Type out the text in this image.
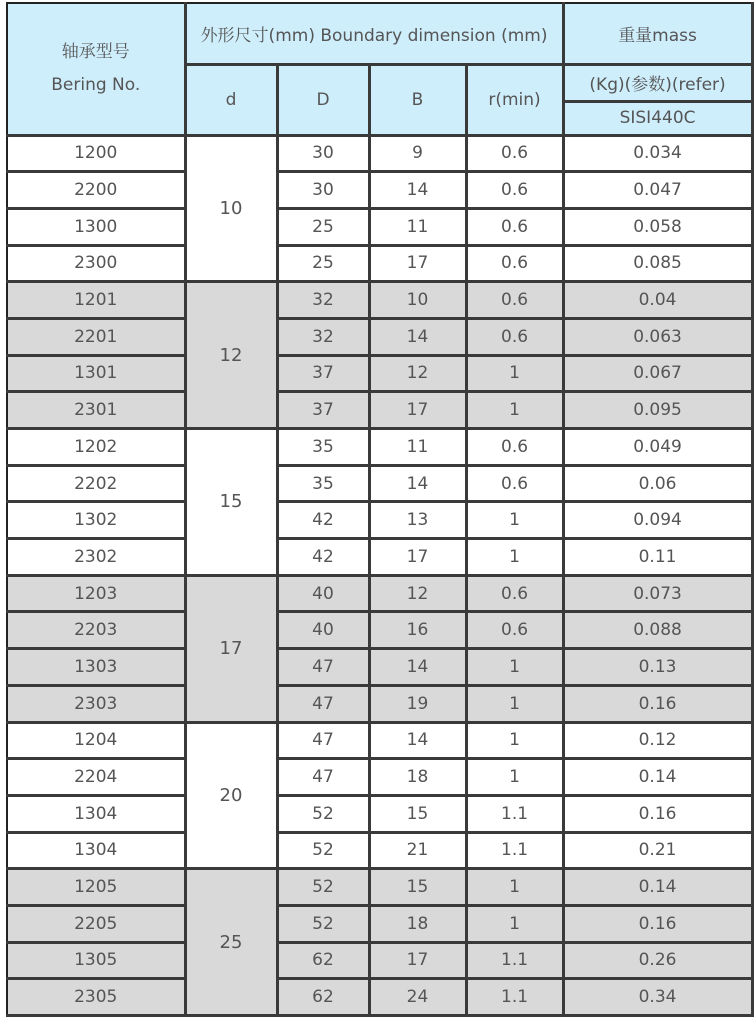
轴承型号
Bering No.	外形尺寸(mm) Boundary dimension (mm)				重量mass
	d	D	B	r(min)	(Kg)(参数)(refer)
					SISI440C
1200	10	30	9	0.6	0.034
2200		30	14	0.6	0.047
1300		25	11	0.6	0.058
2300		25	17	0.6	0.085
1201	12	32	10	0.6	0.04
2201		32	14	0.6	0.063
1301		37	12	1	0.067
2301		37	17	1	0.095
1202	15	35	11	0.6	0.049
2202		35	14	0.6	0.06
1302		42	13	1	0.094
2302		42	17	1	0.11
1203	17	40	12	0.6	0.073
2203		40	16	0.6	0.088
1303		47	14	1	0.13
2303		47	19	1	0.16
1204	20	47	14	1	0.12
2204		47	18	1	0.14
1304		52	15	1.1	0.16
1304		52	21	1.1	0.21
1205	25	52	15	1	0.14
2205		52	18	1	0.16
1305		62	17	1.1	0.26
2305		62	24	1.1	0.34
